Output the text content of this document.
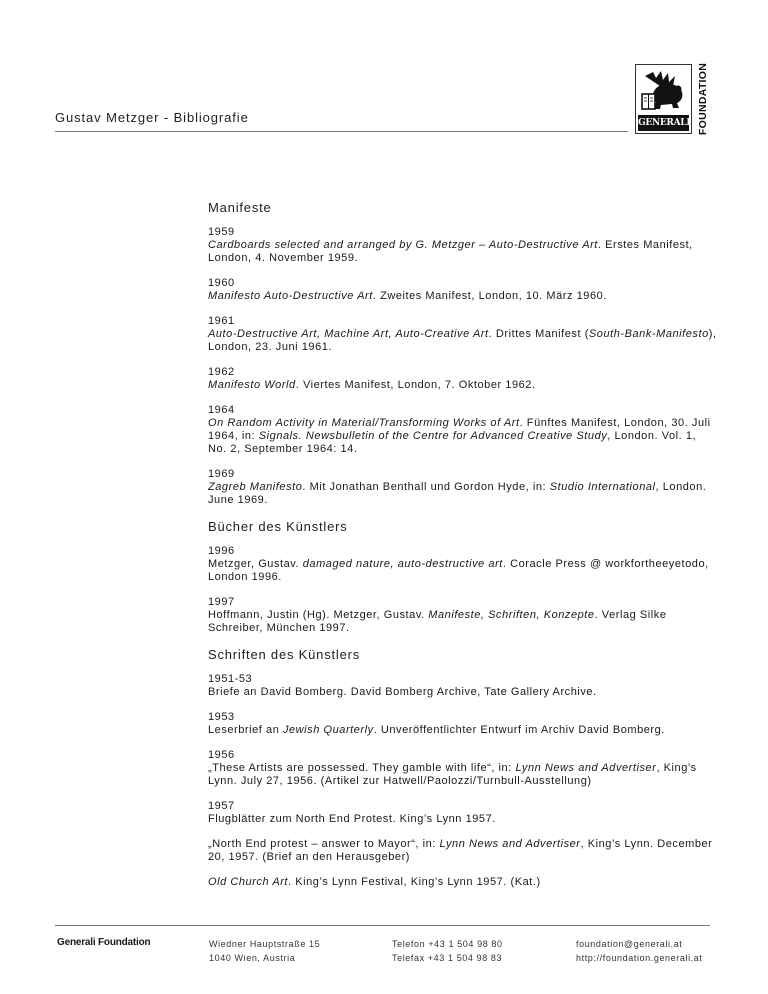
Gustav Metzger - Bibliografie	GENERALI FOUNDATION
Manifeste
1959
Cardboards selected and arranged by G. Metzger – Auto-Destructive Art. Erstes Manifest, London, 4. November 1959.
1960
Manifesto Auto-Destructive Art. Zweites Manifest, London, 10. März 1960.
1961
Auto-Destructive Art, Machine Art, Auto-Creative Art. Drittes Manifest (South-Bank-Manifesto), London, 23. Juni 1961.
1962
Manifesto World. Viertes Manifest, London, 7. Oktober 1962.
1964
On Random Activity in Material/Transforming Works of Art. Fünftes Manifest, London, 30. Juli 1964, in: Signals. Newsbulletin of the Centre for Advanced Creative Study, London. Vol. 1, No. 2, September 1964: 14.
1969
Zagreb Manifesto. Mit Jonathan Benthall und Gordon Hyde, in: Studio International, London. June 1969.
Bücher des Künstlers
1996
Metzger, Gustav. damaged nature, auto-destructive art. Coracle Press @ workfortheeyetodo, London 1996.
1997
Hoffmann, Justin (Hg). Metzger, Gustav. Manifeste, Schriften, Konzepte. Verlag Silke Schreiber, München 1997.
Schriften des Künstlers
1951-53
Briefe an David Bomberg. David Bomberg Archive, Tate Gallery Archive.
1953
Leserbrief an Jewish Quarterly. Unveröffentlichter Entwurf im Archiv David Bomberg.
1956
„These Artists are possessed. They gamble with life“, in: Lynn News and Advertiser, King’s Lynn. July 27, 1956. (Artikel zur Hatwell/Paolozzi/Turnbull-Ausstellung)
1957
Flugblätter zum North End Protest. King’s Lynn 1957.
„North End protest – answer to Mayor“, in: Lynn News and Advertiser, King’s Lynn. December 20, 1957. (Brief an den Herausgeber)
Old Church Art. King’s Lynn Festival, King’s Lynn 1957. (Kat.)
Generali Foundation	Wiedner Hauptstraße 15
1040 Wien, Austria
Telefon +43 1 504 98 80
Telefax +43 1 504 98 83
foundation@generali.at
http://foundation.generali.at
